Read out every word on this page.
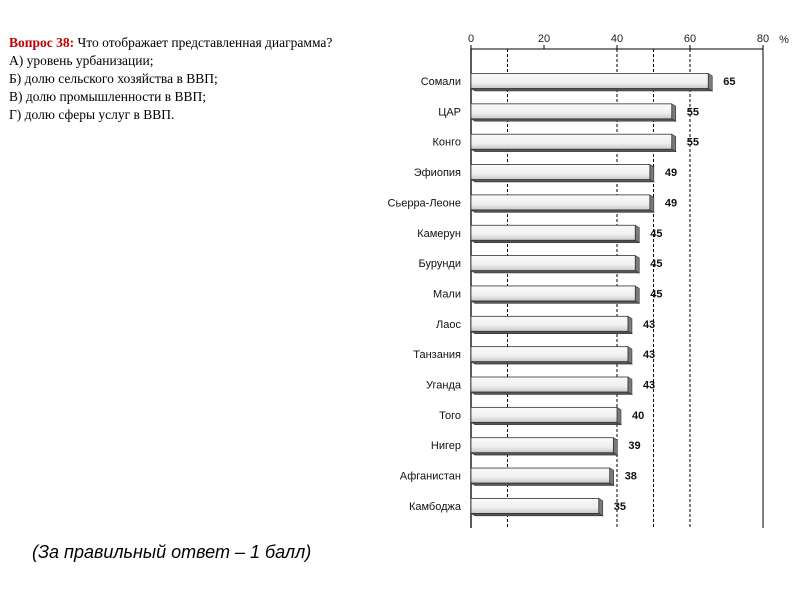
Вопрос 38: Что отображает представленная диаграмма?
А) уровень урбанизации;
Б) долю сельского хозяйства в ВВП;
В) долю промышленности в ВВП;
Г) долю сферы услуг в ВВП.
0	20	40	60	80 %
Сомали	65
ЦАР	55
Конго	55
Эфиопия	49
Сьерра-Леоне	49
Камерун	45
Бурунди	45
Мали	45
Лаос	43
Танзания	43
Уганда	43
Того	40
Нигер	39
Афганистан	38
Камбоджа	35
(За правильный ответ – 1 балл)
